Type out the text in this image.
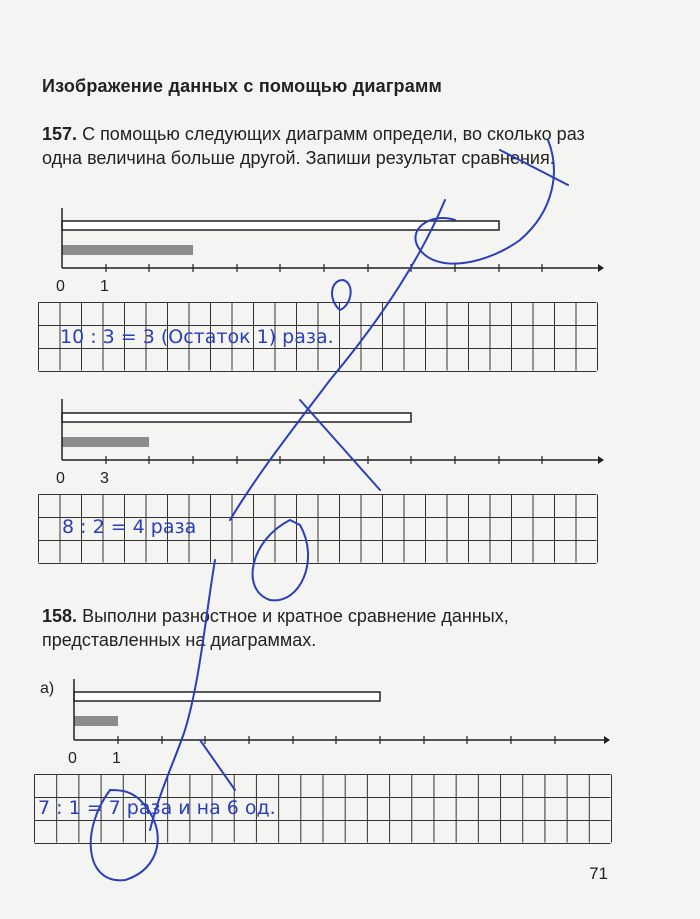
Изображение данных с помощью диаграмм

157. С помощью следующих диаграмм определи, во сколько раз одна величина больше другой. Запиши результат сравнения.

0 1
10 : 3 = 3 (Остаток 1) раза.
0 3
8 : 2 = 4 раза

158. Выполни разностное и кратное сравнение данных, представленных на диаграммах.

а)
0 1
7 : 1 = 7 раза и на 6 од.
71
